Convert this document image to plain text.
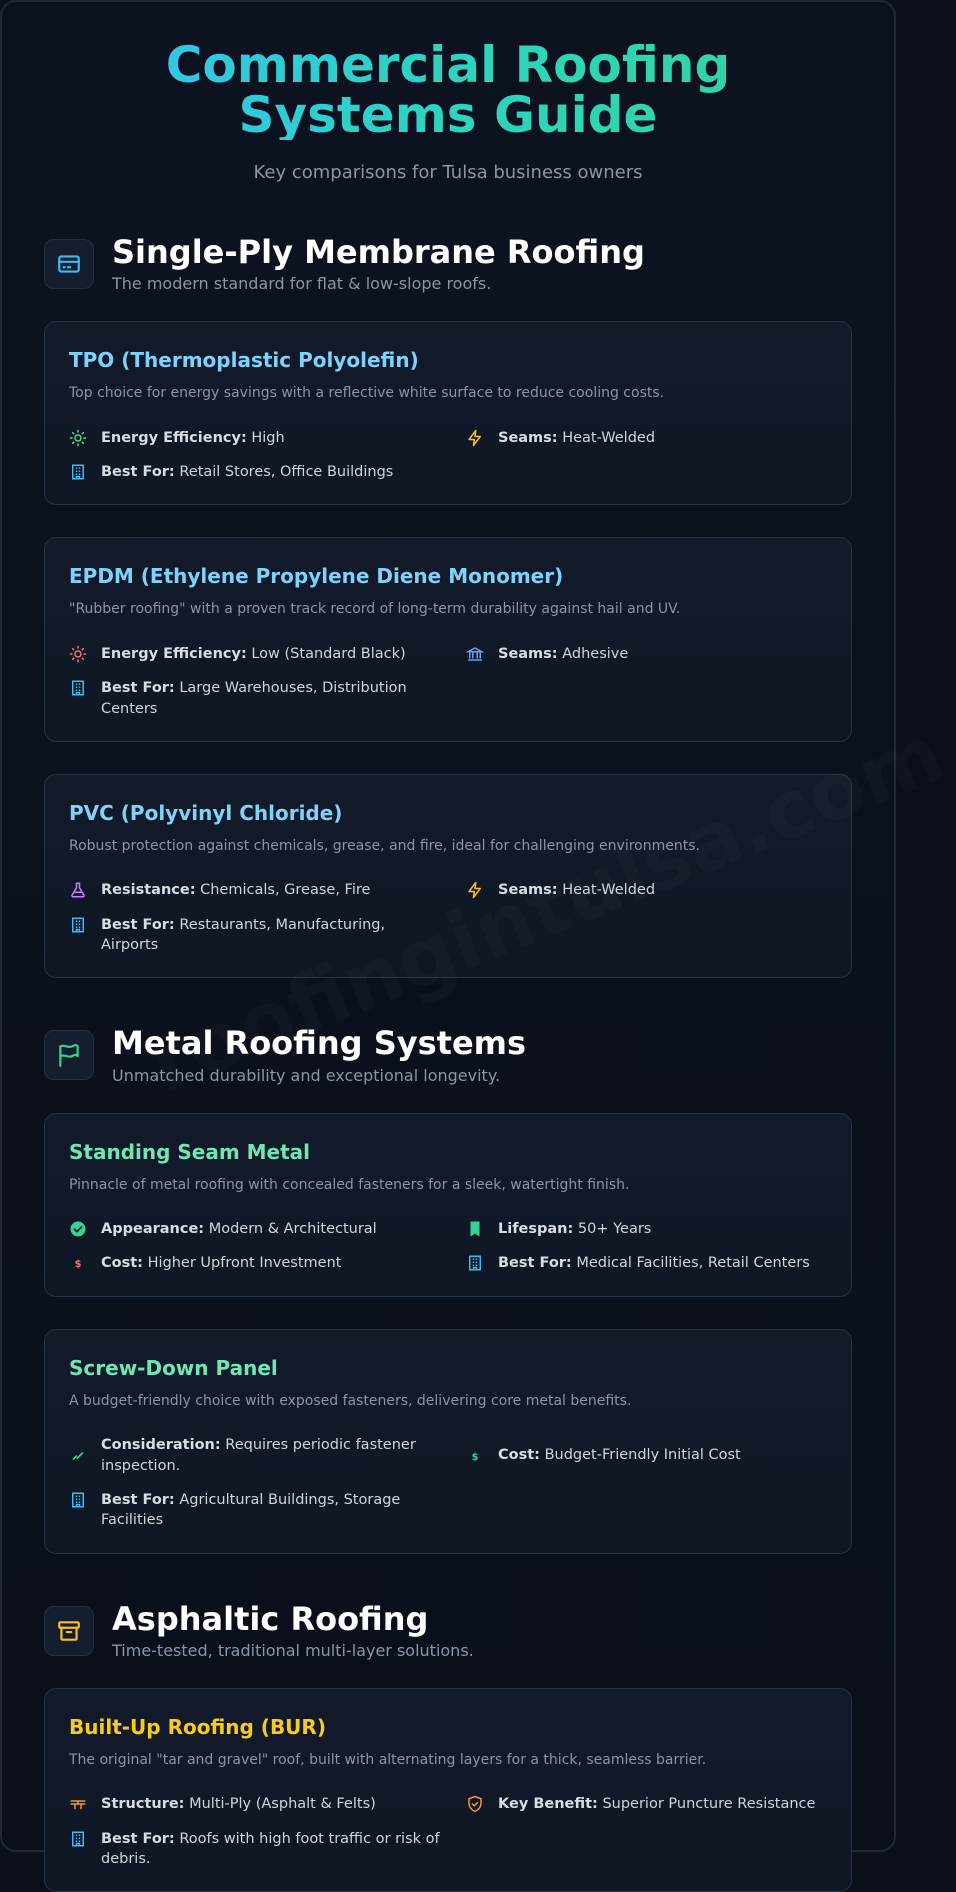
Commercial Roofing Systems Guide
Key comparisons for Tulsa business owners
Single-Ply Membrane Roofing
The modern standard for flat & low-slope roofs.
TPO (Thermoplastic Polyolefin)
Top choice for energy savings with a reflective white surface to reduce cooling costs.
Energy Efficiency: High	Seams: Heat-Welded
Best For: Retail Stores, Office Buildings
EPDM (Ethylene Propylene Diene Monomer)
"Rubber roofing" with a proven track record of long-term durability against hail and UV.
Energy Efficiency: Low (Standard Black)	Seams: Adhesive
Best For: Large Warehouses, Distribution Centers
PVC (Polyvinyl Chloride)
Robust protection against chemicals, grease, and fire, ideal for challenging environments.
Resistance: Chemicals, Grease, Fire	Seams: Heat-Welded
Best For: Restaurants, Manufacturing, Airports
Metal Roofing Systems
Unmatched durability and exceptional longevity.
Standing Seam Metal
Pinnacle of metal roofing with concealed fasteners for a sleek, watertight finish.
Appearance: Modern & Architectural	Lifespan: 50+ Years
$ Cost: Higher Upfront Investment	Best For: Medical Facilities, Retail Centers
Screw-Down Panel
A budget-friendly choice with exposed fasteners, delivering core metal benefits.
Consideration: Requires periodic fastener inspection.
$ Cost: Budget-Friendly Initial Cost
Best For: Agricultural Buildings, Storage Facilities
Asphaltic Roofing
Time-tested, traditional multi-layer solutions.
Built-Up Roofing (BUR)
The original "tar and gravel" roof, built with alternating layers for a thick, seamless barrier.
Structure: Multi-Ply (Asphalt & Felts)	Key Benefit: Superior Puncture Resistance
Best For: Roofs with high foot traffic or risk of debris.
